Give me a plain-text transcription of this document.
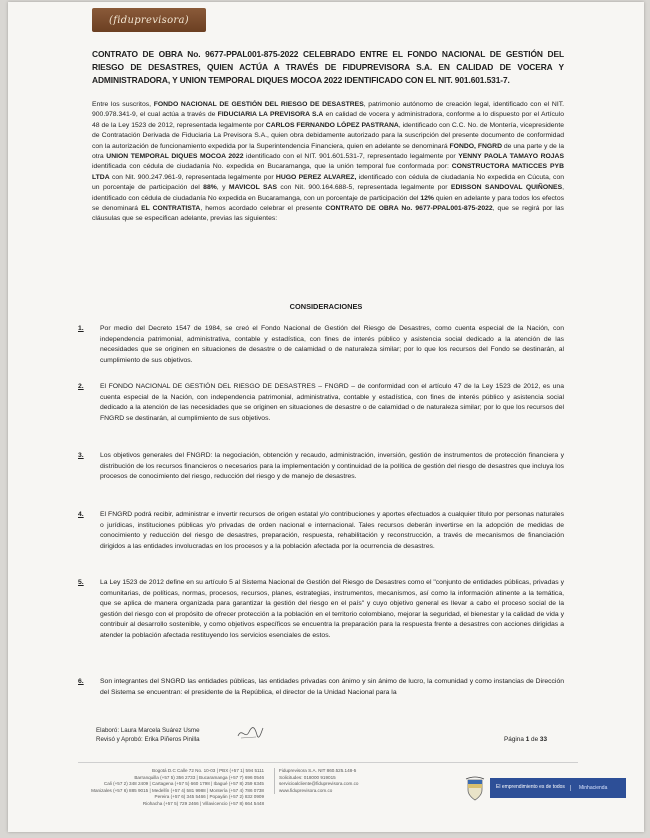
(fiduprevisora)
CONTRATO DE OBRA No. 9677-PPAL001-875-2022 CELEBRADO ENTRE EL FONDO NACIONAL DE GESTIÓN DEL RIESGO DE DESASTRES, QUIEN ACTÚA A TRAVÉS DE FIDUPREVISORA S.A. EN CALIDAD DE VOCERA Y ADMINISTRADORA, Y UNION TEMPORAL DIQUES MOCOA 2022 IDENTIFICADO CON EL NIT. 901.601.531-7.
Entre los suscritos, FONDO NACIONAL DE GESTIÓN DEL RIESGO DE DESASTRES, patrimonio autónomo de creación legal, identificado con el NIT. 900.978.341-9, el cual actúa a través de FIDUCIARIA LA PREVISORA S.A en calidad de vocera y administradora, conforme a lo dispuesto por el Artículo 48 de la Ley 1523 de 2012, representada legalmente por CARLOS FERNANDO LÓPEZ PASTRANA, identificado con C.C. No. de Montería, vicepresidente de Contratación Derivada de Fiduciaria La Previsora S.A., quien obra debidamente autorizado para la suscripción del presente documento de conformidad con la autorización de funcionamiento expedida por la Superintendencia Financiera, quien en adelante se denominará FONDO, FNGRD de una parte y de la otra UNION TEMPORAL DIQUES MOCOA 2022 identificado con el NIT. 901.601.531-7, representado legalmente por YENNY PAOLA TAMAYO ROJAS identificada con cédula de ciudadanía No. expedida en Bucaramanga, que la unión temporal fue conformada por: CONSTRUCTORA MATICCES PYB LTDA con Nit. 900.247.961-9, representada legalmente por HUGO PEREZ ALVAREZ, identificado con cédula de ciudadanía No expedida en Cúcuta, con un porcentaje de participación del 88%, y MAVICOL SAS con Nit. 900.164.688-5, representada legalmente por EDISSON SANDOVAL QUIÑONES, identificado con cédula de ciudadanía No expedida en Bucaramanga, con un porcentaje de participación del 12% quien en adelante y para todos los efectos se denominará EL CONTRATISTA, hemos acordado celebrar el presente CONTRATO DE OBRA No. 9677-PPAL001-875-2022, que se regirá por las cláusulas que se especifican adelante, previas las siguientes:
CONSIDERACIONES
1.	Por medio del Decreto 1547 de 1984, se creó el Fondo Nacional de Gestión del Riesgo de Desastres, como cuenta especial de la Nación, con independencia patrimonial, administrativa, contable y estadística, con fines de interés público y asistencia social dedicado a la atención de las necesidades que se originen en situaciones de desastre o de calamidad o de naturaleza similar; por lo que los recursos del Fondo se destinarán, al cumplimiento de sus objetivos.
2.	El FONDO NACIONAL DE GESTIÓN DEL RIESGO DE DESASTRES – FNGRD – de conformidad con el artículo 47 de la Ley 1523 de 2012, es una cuenta especial de la Nación, con independencia patrimonial, administrativa, contable y estadística, con fines de interés público y asistencia social dedicado a la atención de las necesidades que se originen en situaciones de desastre o de calamidad o de naturaleza similar; por lo que los recursos del FNGRD se destinarán, al cumplimiento de sus objetivos.
3.	Los objetivos generales del FNGRD: la negociación, obtención y recaudo, administración, inversión, gestión de instrumentos de protección financiera y distribución de los recursos financieros o necesarios para la implementación y continuidad de la política de gestión del riesgo de desastres que incluya los procesos de conocimiento del riesgo, reducción del riesgo y de manejo de desastres.
4.	El FNGRD podrá recibir, administrar e invertir recursos de origen estatal y/o contribuciones y aportes efectuados a cualquier título por personas naturales o jurídicas, instituciones públicas y/o privadas de orden nacional e internacional. Tales recursos deberán invertirse en la adopción de medidas de conocimiento y reducción del riesgo de desastres, preparación, respuesta, rehabilitación y reconstrucción, a través de mecanismos de financiación dirigidos a las entidades involucradas en los procesos y a la población afectada por la ocurrencia de desastres.
5.	La Ley 1523 de 2012 define en su artículo 5 al Sistema Nacional de Gestión del Riesgo de Desastres como el "conjunto de entidades públicas, privadas y comunitarias, de políticas, normas, procesos, recursos, planes, estrategias, instrumentos, mecanismos, así como la información atinente a la temática, que se aplica de manera organizada para garantizar la gestión del riesgo en el país" y cuyo objetivo general es llevar a cabo el proceso social de la gestión del riesgo con el propósito de ofrecer protección a la población en el territorio colombiano, mejorar la seguridad, el bienestar y la calidad de vida y contribuir al desarrollo sostenible, y como objetivos específicos se encuentra la preparación para la respuesta frente a desastres con acciones dirigidas a atender la población afectada restituyendo los servicios esenciales de estos.
6.	Son integrantes del SNGRD las entidades públicas, las entidades privadas con ánimo y sin ánimo de lucro, la comunidad y como instancias de Dirección del Sistema se encuentran: el presidente de la República, el director de la Unidad Nacional para la
Elaboró: Laura Marcela Suárez Usme
Revisó y Aprobó: Erika Piñeros Pinilla	Página 1 de 33
Bogotá D.C Calle 72 No. 10-03 | PBX (+57 1) 594 5111
Barranquilla (+57 5) 356 2733 | Bucaramanga (+57 7) 696 0546
Cali (+57 2) 348 2409 | Cartagena (+57 5) 660 1798 | Ibagué (+57 8) 259 6345
Manizales (+57 6) 885 9015 | Medellín (+57 4) 581 9988 | Montería (+57 4) 786 0738
Pereira (+57 6) 345 5466 | Popayán (+57 2) 832 0909
Riohacha (+57 5) 729 2466 | Villavicencio (+57 8) 664 5448
Fiduprevisora S.A. NIT 860.525.148-5
Solicitudes: 018000 919015
servicioalcliente@fiduprevisora.com.co
www.fiduprevisora.com.co
El emprendimiento es de todos	Minhacienda
